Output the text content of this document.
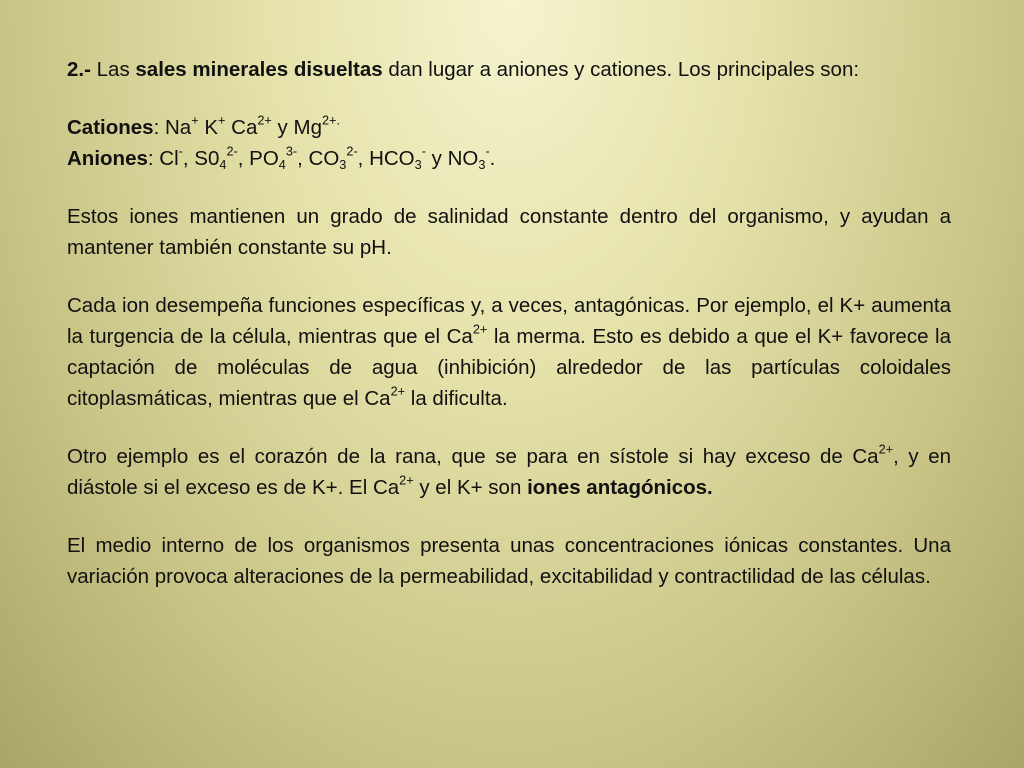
2.- Las sales minerales disueltas dan lugar a aniones y cationes. Los principales son:

Cationes: Na+ K+ $Ca^{2+}$ y $Mg^{2+.}$
Aniones: Cl-, $S0_4^{2-}$, $PO_4^{3-}$, $CO_3^{2-}$, $HCO_3^-$ y $NO_3^-$.

Estos iones mantienen un grado de salinidad constante dentro del organismo, y ayudan a mantener también constante su pH.

Cada ion desempeña funciones específicas y, a veces, antagónicas. Por ejemplo, el K+ aumenta la turgencia de la célula, mientras que el $Ca^{2+}$ la merma. Esto es debido a que el K+ favorece la captación de moléculas de agua (inhibición) alrededor de las partículas coloidales citoplasmáticas, mientras que el $Ca^{2+}$ la dificulta.

Otro ejemplo es el corazón de la rana, que se para en sístole si hay exceso de $Ca^{2+}$, y en diástole si el exceso es de K+. El $Ca^{2+}$ y el K+ son iones antagónicos.

El medio interno de los organismos presenta unas concentraciones iónicas constantes. Una variación provoca alteraciones de la permeabilidad, excitabilidad y contractilidad de las células.
